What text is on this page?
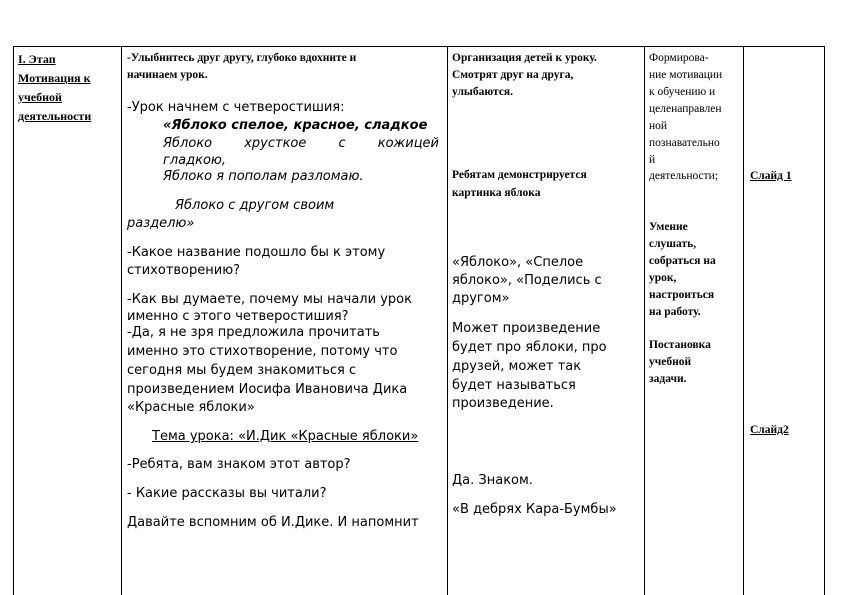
I. Этап
Мотивация к
учебной
деятельности

-Улыбнитесь друг другу, глубоко вдохните и

начинаем урок.

-Урок начнем с четверостишия:

«Яблоко спелое, красное, сладкое

Яблоко хрусткое с кожицей

гладкою,

Яблоко я пополам разломаю.

Яблоко с другом своим

разделю»

-Какое название подошло бы к этому

стихотворению?

-Как вы думаете, почему мы начали урок

именно с этого четверостишия?

-Да, я не зря предложила прочитать

именно это стихотворение, потому что

сегодня мы будем знакомиться с

произведением Иосифа Ивановича Дика

«Красные яблоки»

Тема урока: «И.Дик «Красные яблоки»

-Ребята, вам знаком этот автор?

- Какие рассказы вы читали?

Давайте вспомним об И.Дике. И напомнит

Организация детей к уроку.

Смотрят друг на друга,

улыбаются.

Ребятам демонстрируется

картинка яблока

«Яблоко», «Спелое

яблоко», «Поделись с

другом»

Может произведение

будет про яблоки, про

друзей, может так

будет называться

произведение.

Да. Знаком.

«В дебрях Кара-Бумбы»

Формирова-

ние мотивации

к обучению и

целенаправлен

ной

познавательно

й

деятельности;

Умение

слушать,

собраться на

урок,

настроиться

на работу.

Постановка

учебной

задачи.

Слайд 1

Слайд2
